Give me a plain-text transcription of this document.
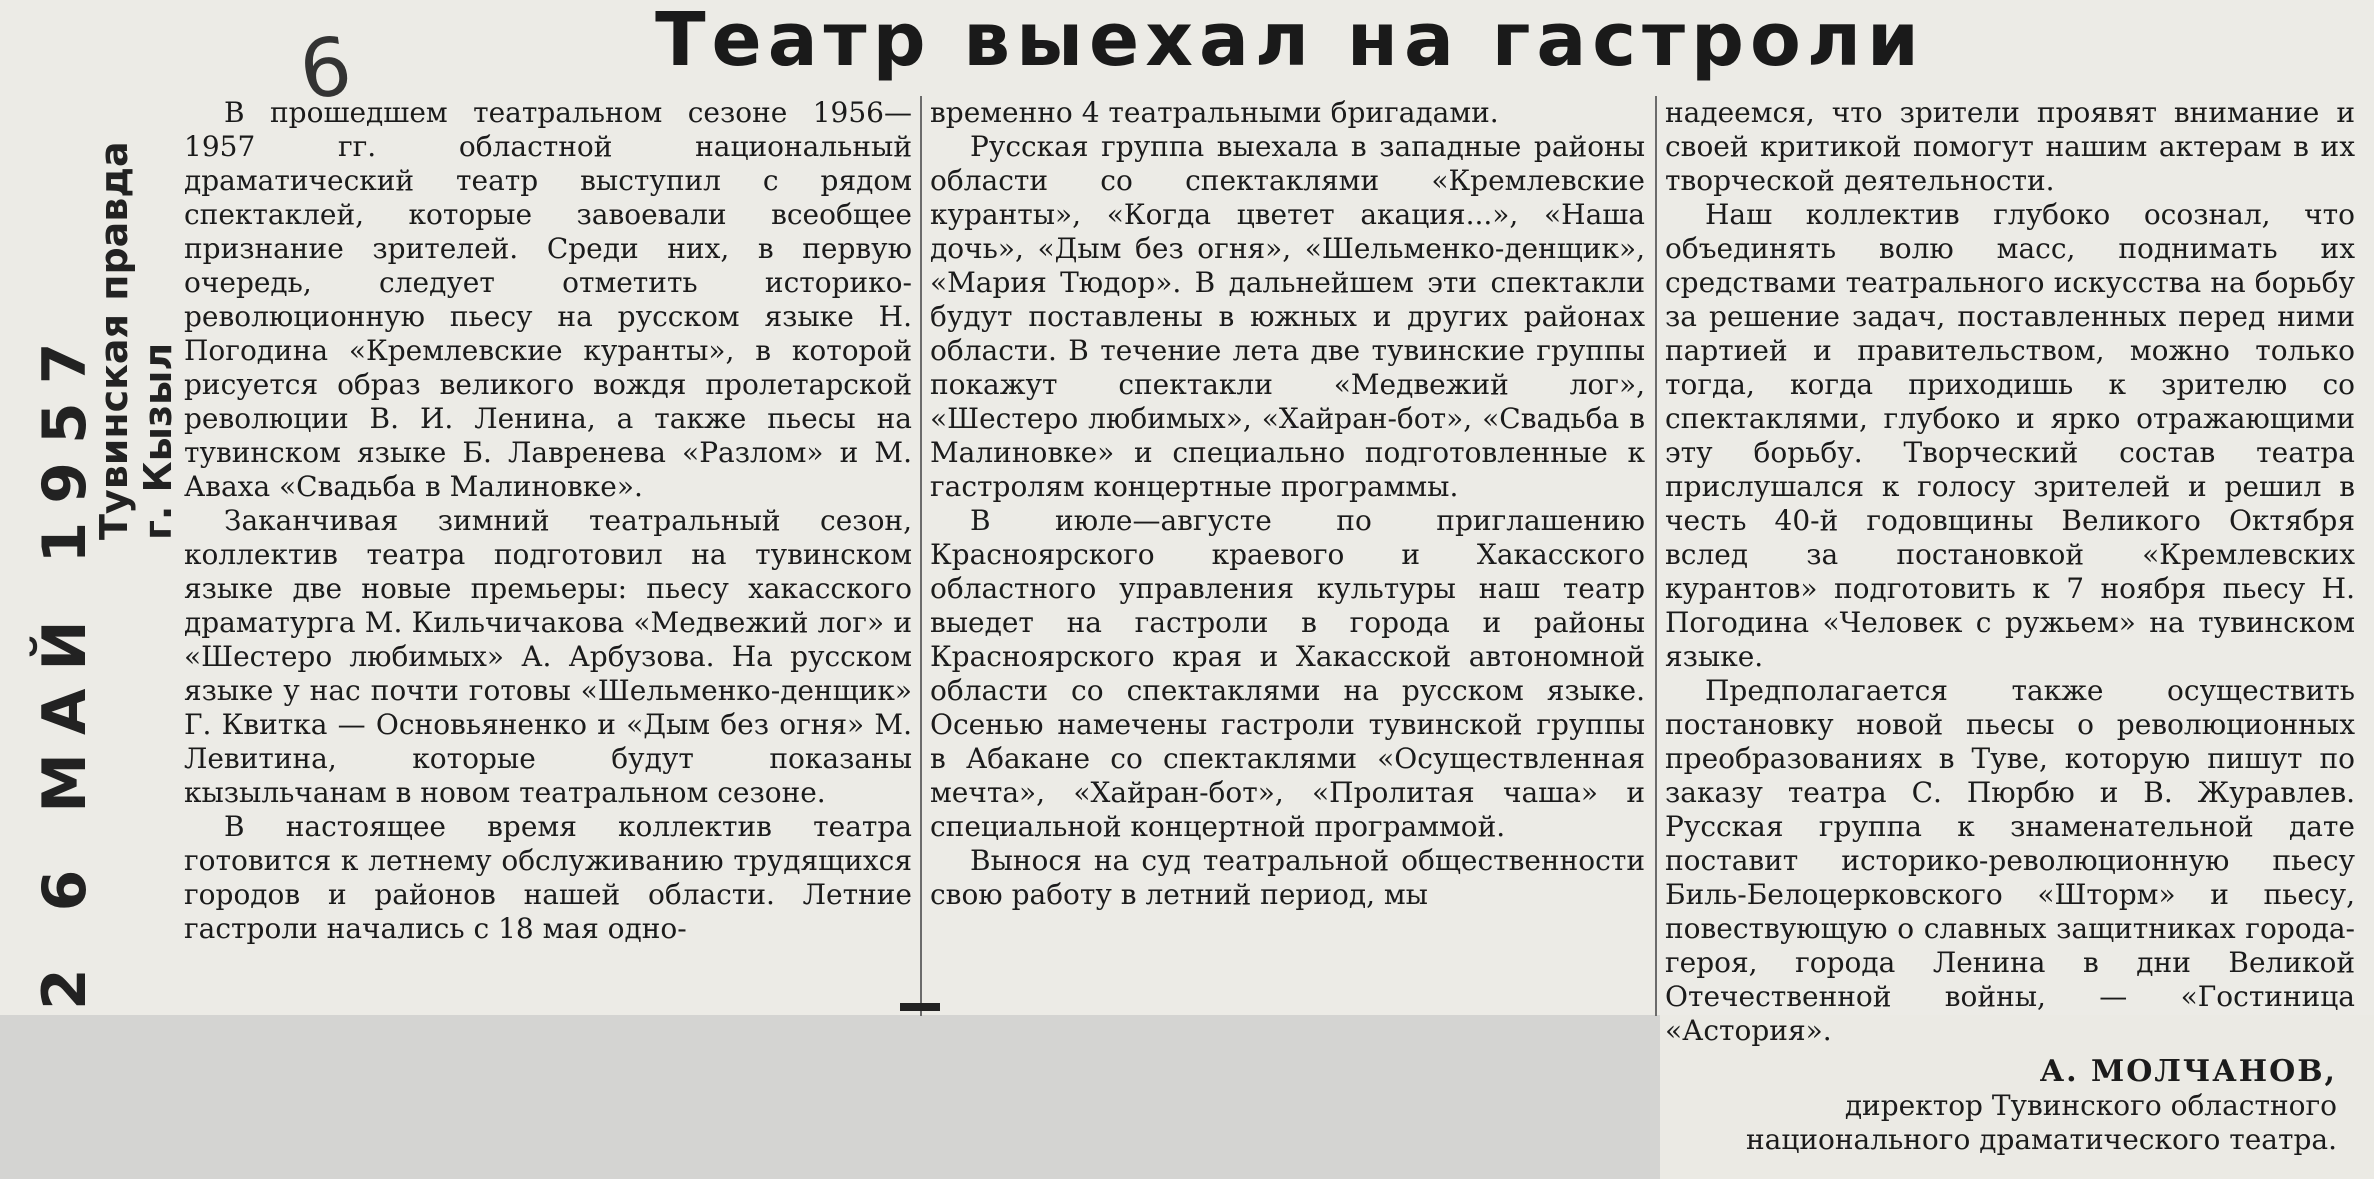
Театр выехал на гастроли
6
2 6 МАЙ 1957
Тувинская правда г. Кызыл

В прошедшем театральном сезоне 1956—1957 гг. областной национальный драматический театр выступил с рядом спектаклей, которые завоевали всеобщее признание зрителей. Среди них, в первую очередь, следует отметить историко-революционную пьесу на русском языке Н. Погодина «Кремлевские куранты», в которой рисуется образ великого вождя пролетарской революции В. И. Ленина, а также пьесы на тувинском языке Б. Лавренева «Разлом» и М. Аваха «Свадьба в Малиновке».

Заканчивая зимний театральный сезон, коллектив театра подготовил на тувинском языке две новые премьеры: пьесу хакасского драматурга М. Кильчичакова «Медвежий лог» и «Шестеро любимых» А. Арбузова. На русском языке у нас почти готовы «Шельменко-денщик» Г. Квитка — Основьяненко и «Дым без огня» М. Левитина, которые будут показаны кызыльчанам в новом театральном сезоне.

В настоящее время коллектив театра готовится к летнему обслуживанию трудящихся городов и районов нашей области. Летние гастроли начались с 18 мая одно-

временно 4 театральными бригадами.

Русская группа выехала в западные районы области со спектаклями «Кремлевские куранты», «Когда цветет акация...», «Наша дочь», «Дым без огня», «Шельменко-денщик», «Мария Тюдор». В дальнейшем эти спектакли будут поставлены в южных и других районах области. В течение лета две тувинские группы покажут спектакли «Медвежий лог», «Шестеро любимых», «Хайран-бот», «Свадьба в Малиновке» и специально подготовленные к гастролям концертные программы.

В июле—августе по приглашению Красноярского краевого и Хакасского областного управления культуры наш театр выедет на гастроли в города и районы Красноярского края и Хакасской автономной области со спектаклями на русском языке. Осенью намечены гастроли тувинской группы в Абакане со спектаклями «Осуществленная мечта», «Хайран-бот», «Пролитая чаша» и специальной концертной программой.

Вынося на суд театральной общественности свою работу в летний период, мы

надеемся, что зрители проявят внимание и своей критикой помогут нашим актерам в их творческой деятельности.

Наш коллектив глубоко осознал, что объединять волю масс, поднимать их средствами театрального искусства на борьбу за решение задач, поставленных перед ними партией и правительством, можно только тогда, когда приходишь к зрителю со спектаклями, глубоко и ярко отражающими эту борьбу. Творческий состав театра прислушался к голосу зрителей и решил в честь 40-й годовщины Великого Октября вслед за постановкой «Кремлевских курантов» подготовить к 7 ноября пьесу Н. Погодина «Человек с ружьем» на тувинском языке.

Предполагается также осуществить постановку новой пьесы о революционных преобразованиях в Туве, которую пишут по заказу театра С. Пюрбю и В. Журавлев. Русская группа к знаменательной дате поставит историко-революционную пьесу Биль-Белоцерковского «Шторм» и пьесу, повествующую о славных защитниках города-героя, города Ленина в дни Великой Отечественной войны, — «Гостиница «Астория».

А. МОЛЧАНОВ,
директор Тувинского областного
национального драматического театра.
